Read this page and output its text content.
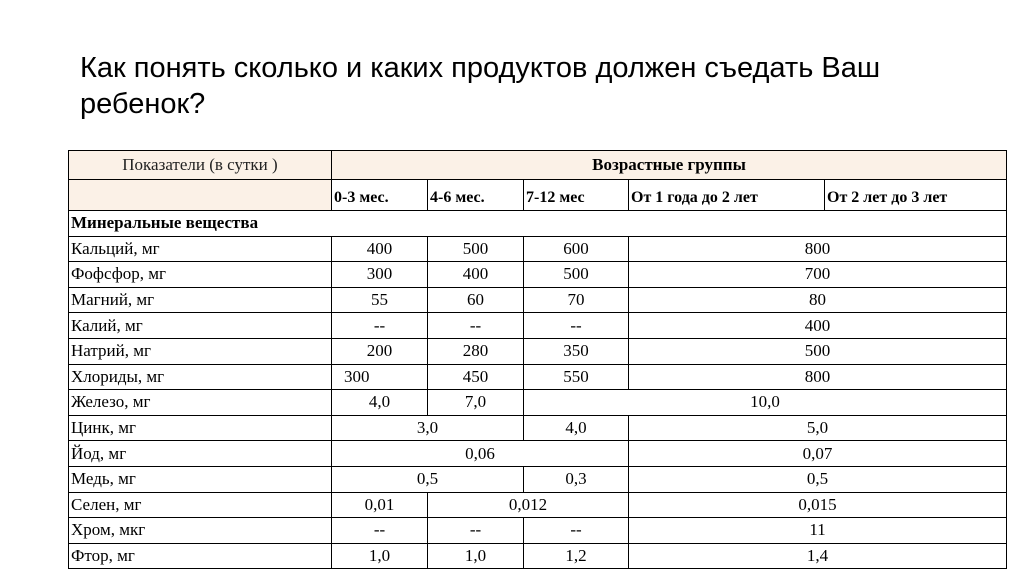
Как понять сколько и каких продуктов должен съедать Ваш ребенок?
Показатели (в сутки )	Возрастные группы				
	0-3 мес.	4-6 мес.	7-12 мес	От 1 года до 2 лет	От 2 лет до 3 лет
Минеральные вещества					
Кальций, мг	400	500	600	800	
Фофсфор, мг	300	400	500	700	
Магний, мг	55	60	70	80	
Калий, мг	--	--	--	400	
Натрий, мг	200	280	350	500	
Хлориды, мг	300	450	550	800	
Железо, мг	4,0	7,0	10,0		
Цинк, мг	3,0		4,0	5,0	
Йод, мг	0,06			0,07	
Медь, мг	0,5		0,3	0,5	
Селен, мг	0,01	0,012		0,015	
Хром, мкг	--	--	--	11	
Фтор, мг	1,0	1,0	1,2	1,4	
